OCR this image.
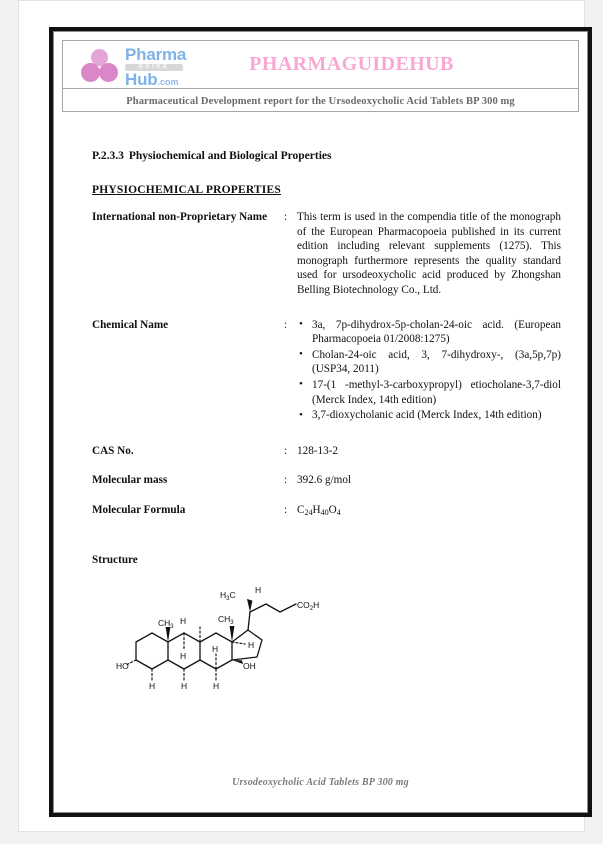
Pharma
GUIDE
Hub.com
PHARMAGUIDEHUB

Pharmaceutical Development report for the Ursodeoxycholic Acid Tablets BP 300 mg
P.2.3.3 Physiochemical and Biological Properties
PHYSIOCHEMICAL PROPERTIES
International non-Proprietary Name	:	This term is used in the compendia title of the monograph of the European Pharmacopoeia published in its current edition including relevant supplements (1275). This monograph furthermore represents the quality standard used for ursodeoxycholic acid produced by Zhongshan Belling Biotechnology Co., Ltd.

Chemical Name	:

•3a, 7p-dihydrox-5p-cholan-24-oic acid. (European Pharmacopoeia 01/2008:1275)
• Cholan-24-oic acid, 3, 7-dihydroxy-, (3a,5p,7p) (USP34, 2011)
• 17-(1 -methyl-3-carboxypropyl) etiocholane-3,7-diol (Merck Index, 14th edition)
• 3,7-dioxycholanic acid (Merck Index, 14th edition)

CAS No.	:	128-13-2

Molecular mass	:	392.6 g/mol

Molecular Formula	:	$C_{24}H_{40}O_4$
Structure
$H_3C$ H
$CH_3$
$CO_2H$
H
$CH_3$
H
H
H
HO	OH
H	H	H
Ursodeoxycholic Acid Tablets BP 300 mg
